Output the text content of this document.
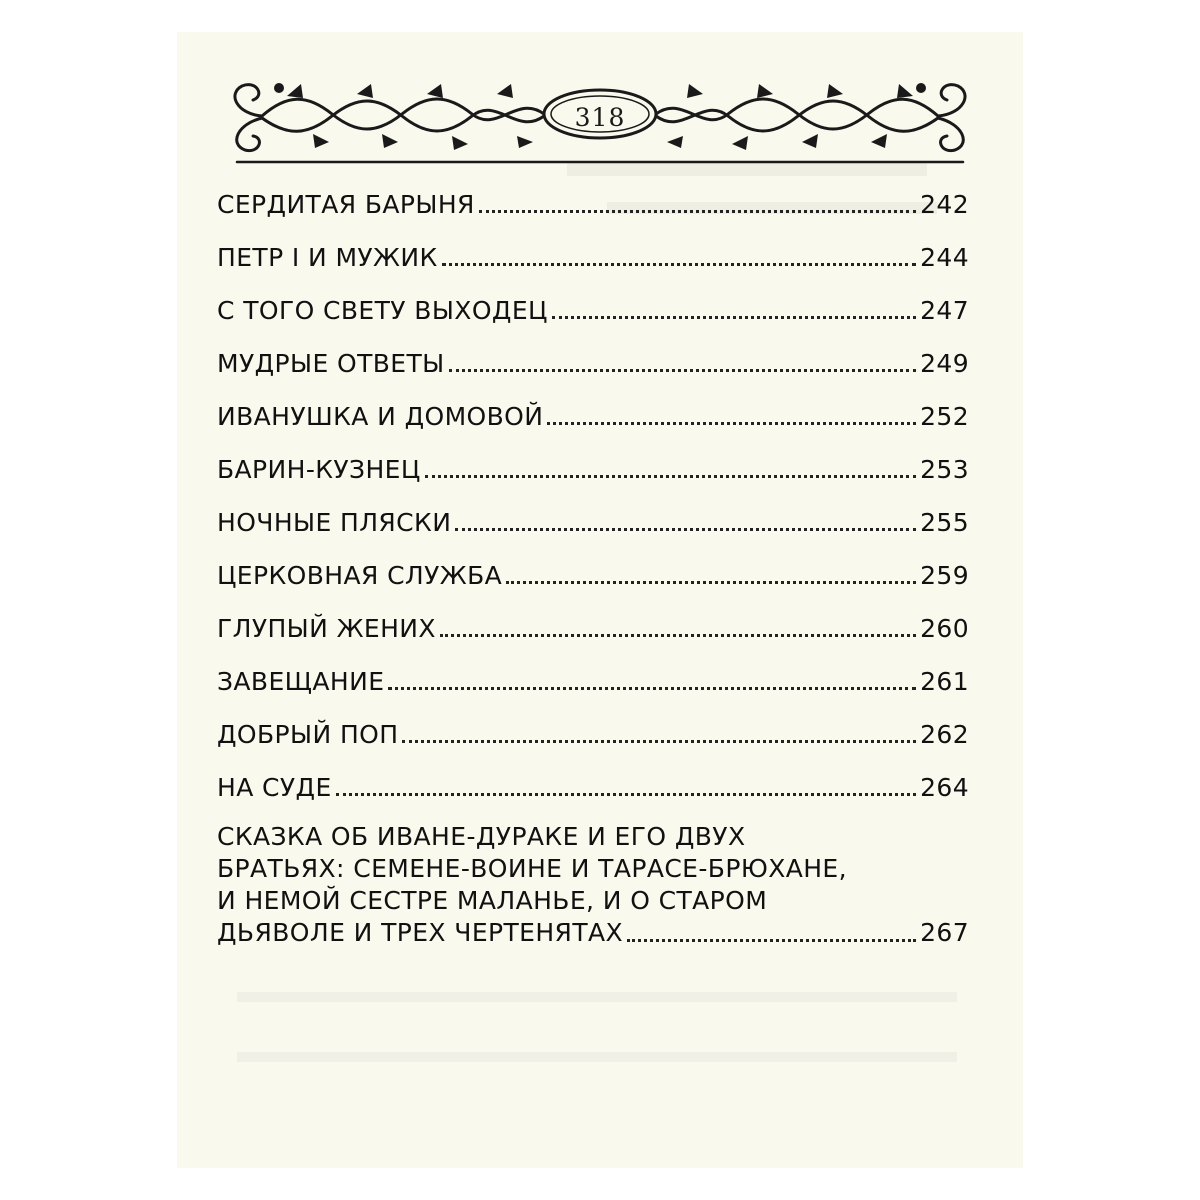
318
СЕРДИТАЯ БАРЫНЯ	242
ПЕТР I И МУЖИК	244
С ТОГО СВЕТУ ВЫХОДЕЦ	247
МУДРЫЕ ОТВЕТЫ	249
ИВАНУШКА И ДОМОВОЙ	252
БАРИН-КУЗНЕЦ	253
НОЧНЫЕ ПЛЯСКИ	255
ЦЕРКОВНАЯ СЛУЖБА	259
ГЛУПЫЙ ЖЕНИХ	260
ЗАВЕЩАНИЕ	261
ДОБРЫЙ ПОП	262
НА СУДЕ	264
СКАЗКА ОБ ИВАНЕ-ДУРАКЕ И ЕГО ДВУХ
БРАТЬЯХ: СЕМЕНЕ-ВОИНЕ И ТАРАСЕ-БРЮХАНЕ,
И НЕМОЙ СЕСТРЕ МАЛАНЬЕ, И О СТАРОМ
ДЬЯВОЛЕ И ТРЕХ ЧЕРТЕНЯТАХ	267
